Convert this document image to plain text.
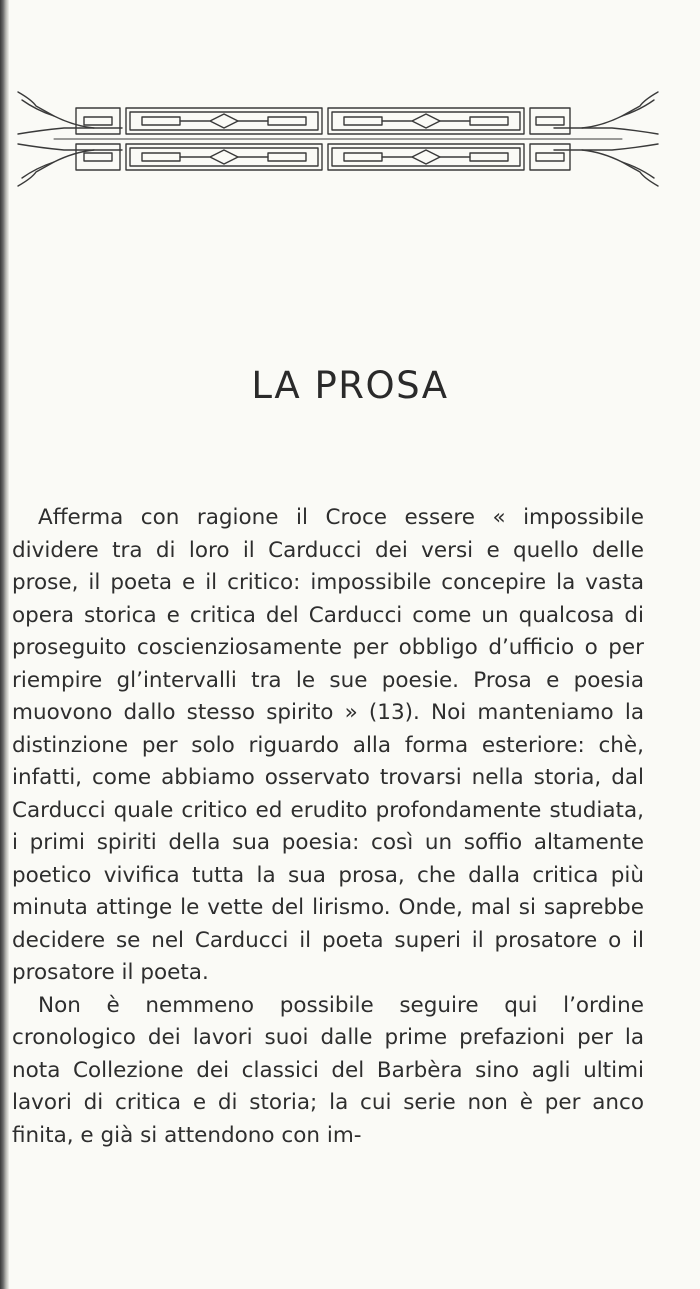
LA PROSA

Afferma con ragione il Croce essere « impossibile dividere tra di loro il Carducci dei versi e quello delle prose, il poeta e il critico: impossibile concepire la vasta opera storica e critica del Carducci come un qualcosa di proseguito coscienziosamente per obbligo d’ufficio o per riempire gl’intervalli tra le sue poesie. Prosa e poesia muovono dallo stesso spirito » (13). Noi manteniamo la distinzione per solo riguardo alla forma esteriore: chè, infatti, come abbiamo osservato trovarsi nella storia, dal Carducci quale critico ed erudito profondamente studiata, i primi spiriti della sua poesia: così un soffio altamente poetico vivifica tutta la sua prosa, che dalla critica più minuta attinge le vette del lirismo. Onde, mal si saprebbe decidere se nel Carducci il poeta superi il prosatore o il prosatore il poeta.

Non è nemmeno possibile seguire qui l’ordine cronologico dei lavori suoi dalle prime prefazioni per la nota Collezione dei classici del Barbèra sino agli ultimi lavori di critica e di storia; la cui serie non è per anco finita, e già si attendono con im-
